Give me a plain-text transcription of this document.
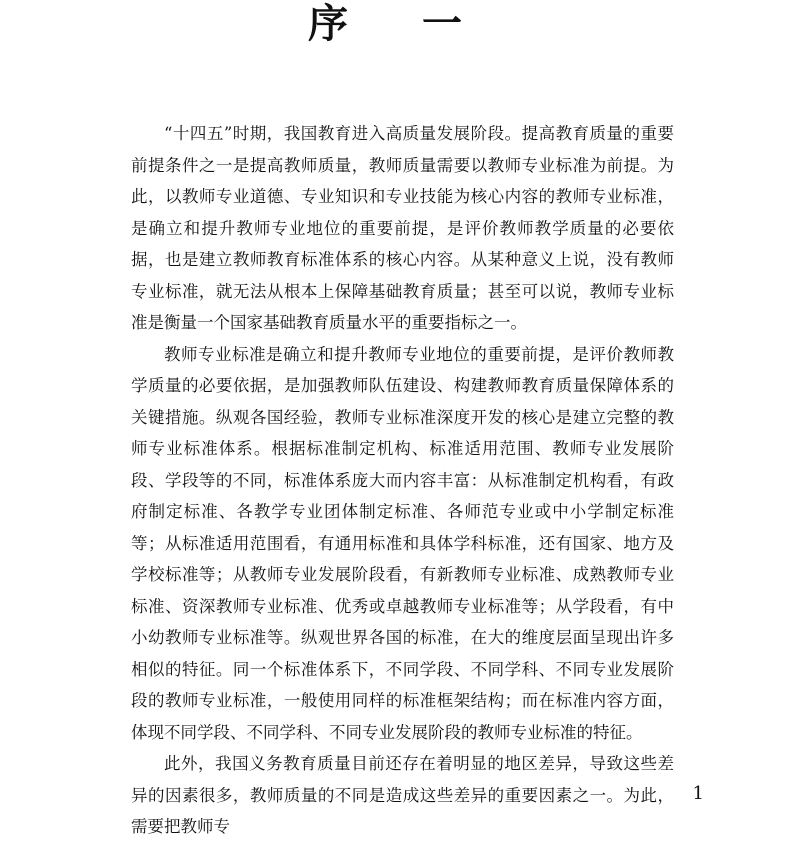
序 一

“十四五”时期，我国教育进入高质量发展阶段。提高教育质量的重要前提条件之一是提高教师质量，教师质量需要以教师专业标准为前提。为此，以教师专业道德、专业知识和专业技能为核心内容的教师专业标准，是确立和提升教师专业地位的重要前提，是评价教师教学质量的必要依据，也是建立教师教育标准体系的核心内容。从某种意义上说，没有教师专业标准，就无法从根本上保障基础教育质量；甚至可以说，教师专业标准是衡量一个国家基础教育质量水平的重要指标之一。

教师专业标准是确立和提升教师专业地位的重要前提，是评价教师教学质量的必要依据，是加强教师队伍建设、构建教师教育质量保障体系的关键措施。纵观各国经验，教师专业标准深度开发的核心是建立完整的教师专业标准体系。根据标准制定机构、标准适用范围、教师专业发展阶段、学段等的不同，标准体系庞大而内容丰富：从标准制定机构看，有政府制定标准、各教学专业团体制定标准、各师范专业或中小学制定标准等；从标准适用范围看，有通用标准和具体学科标准，还有国家、地方及学校标准等；从教师专业发展阶段看，有新教师专业标准、成熟教师专业标准、资深教师专业标准、优秀或卓越教师专业标准等；从学段看，有中小幼教师专业标准等。纵观世界各国的标准，在大的维度层面呈现出许多相似的特征。同一个标准体系下，不同学段、不同学科、不同专业发展阶段的教师专业标准，一般使用同样的标准框架结构；而在标准内容方面，体现不同学段、不同学科、不同专业发展阶段的教师专业标准的特征。

此外，我国义务教育质量目前还存在着明显的地区差异，导致这些差异的因素很多，教师质量的不同是造成这些差异的重要因素之一。为此，需要把教师专

1
